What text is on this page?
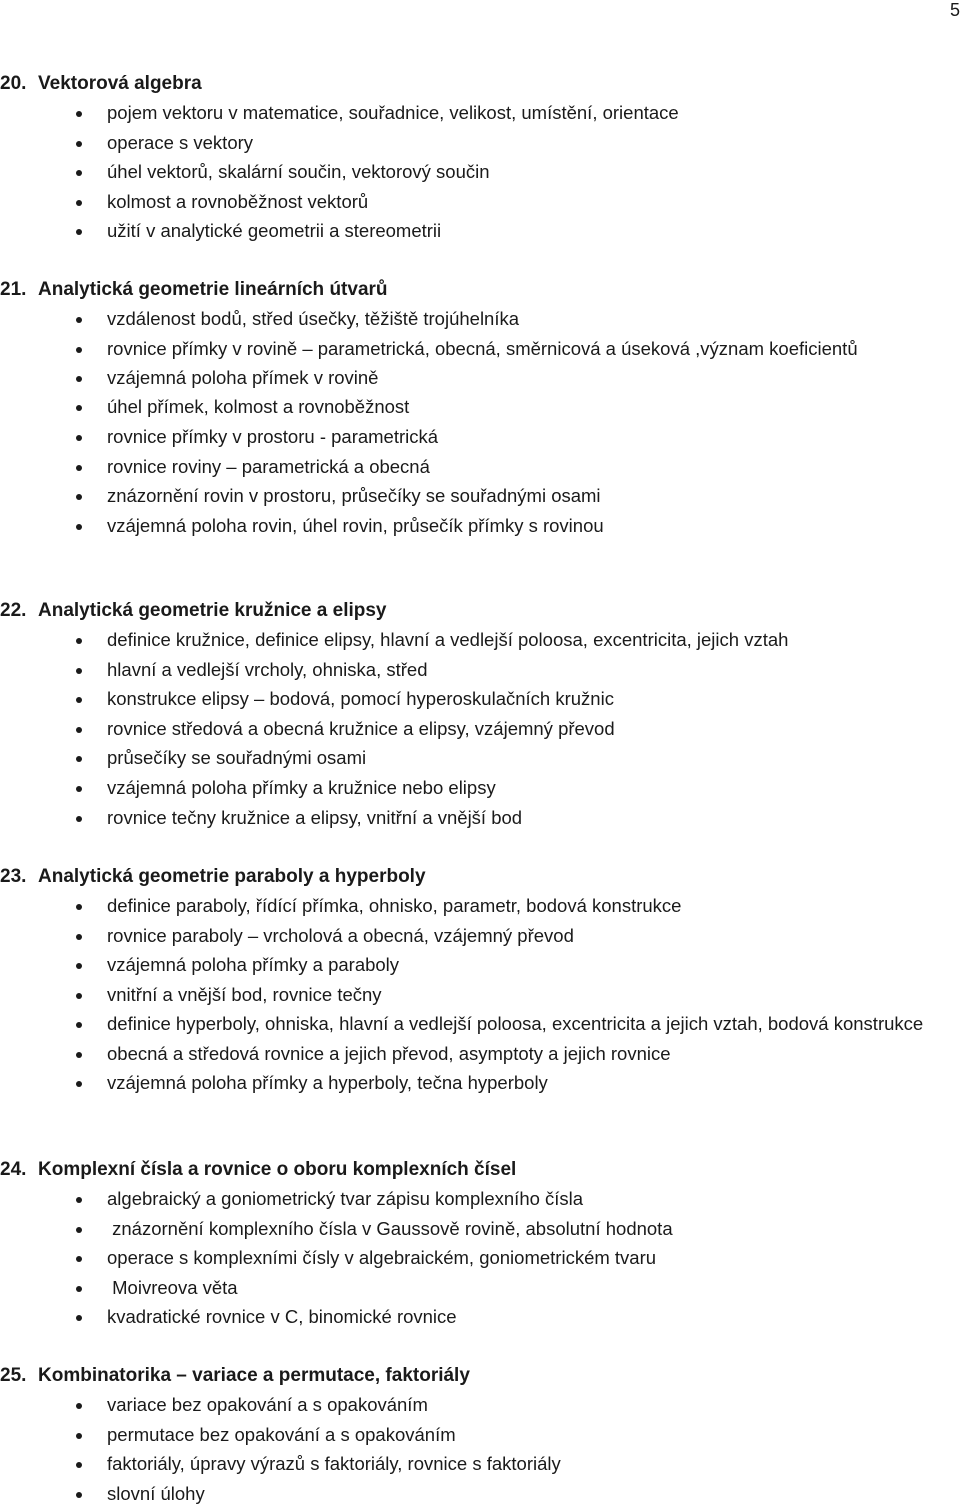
5
20. Vektorová algebra
pojem vektoru v matematice, souřadnice, velikost, umístění, orientace
operace s vektory
úhel vektorů, skalární součin, vektorový součin
kolmost a rovnoběžnost vektorů
užití v analytické geometrii a stereometrii
21. Analytická geometrie lineárních útvarů
vzdálenost bodů, střed úsečky, těžiště trojúhelníka
rovnice přímky v rovině – parametrická, obecná, směrnicová a úseková ,význam koeficientů
vzájemná poloha přímek v rovině
úhel přímek, kolmost a rovnoběžnost
rovnice přímky v prostoru - parametrická
rovnice roviny – parametrická a obecná
znázornění rovin v prostoru, průsečíky se souřadnými osami
vzájemná poloha rovin, úhel rovin, průsečík přímky s rovinou
22. Analytická geometrie kružnice a elipsy
definice kružnice, definice elipsy, hlavní a vedlejší poloosa, excentricita, jejich vztah
hlavní a vedlejší vrcholy, ohniska, střed
konstrukce elipsy – bodová, pomocí hyperoskulačních kružnic
rovnice středová a obecná kružnice a elipsy, vzájemný převod
průsečíky se souřadnými osami
vzájemná poloha přímky a kružnice nebo elipsy
rovnice tečny kružnice a elipsy, vnitřní a vnější bod
23. Analytická geometrie paraboly a hyperboly
definice paraboly, řídící přímka, ohnisko, parametr, bodová konstrukce
rovnice paraboly – vrcholová a obecná, vzájemný převod
vzájemná poloha přímky a paraboly
vnitřní a vnější bod, rovnice tečny
definice hyperboly, ohniska, hlavní a vedlejší poloosa, excentricita a jejich vztah, bodová konstrukce
obecná a středová rovnice a jejich převod, asymptoty a jejich rovnice
vzájemná poloha přímky a hyperboly, tečna hyperboly
24. Komplexní čísla a rovnice o oboru komplexních čísel
algebraický a goniometrický tvar zápisu komplexního čísla
znázornění komplexního čísla v Gaussově rovině, absolutní hodnota
operace s komplexními čísly v algebraickém, goniometrickém tvaru
Moivreova věta
kvadratické rovnice v C, binomické rovnice
25. Kombinatorika – variace a permutace, faktoriály
variace bez opakování a s opakováním
permutace bez opakování a s opakováním
faktoriály, úpravy výrazů s faktoriály, rovnice s faktoriály
slovní úlohy
